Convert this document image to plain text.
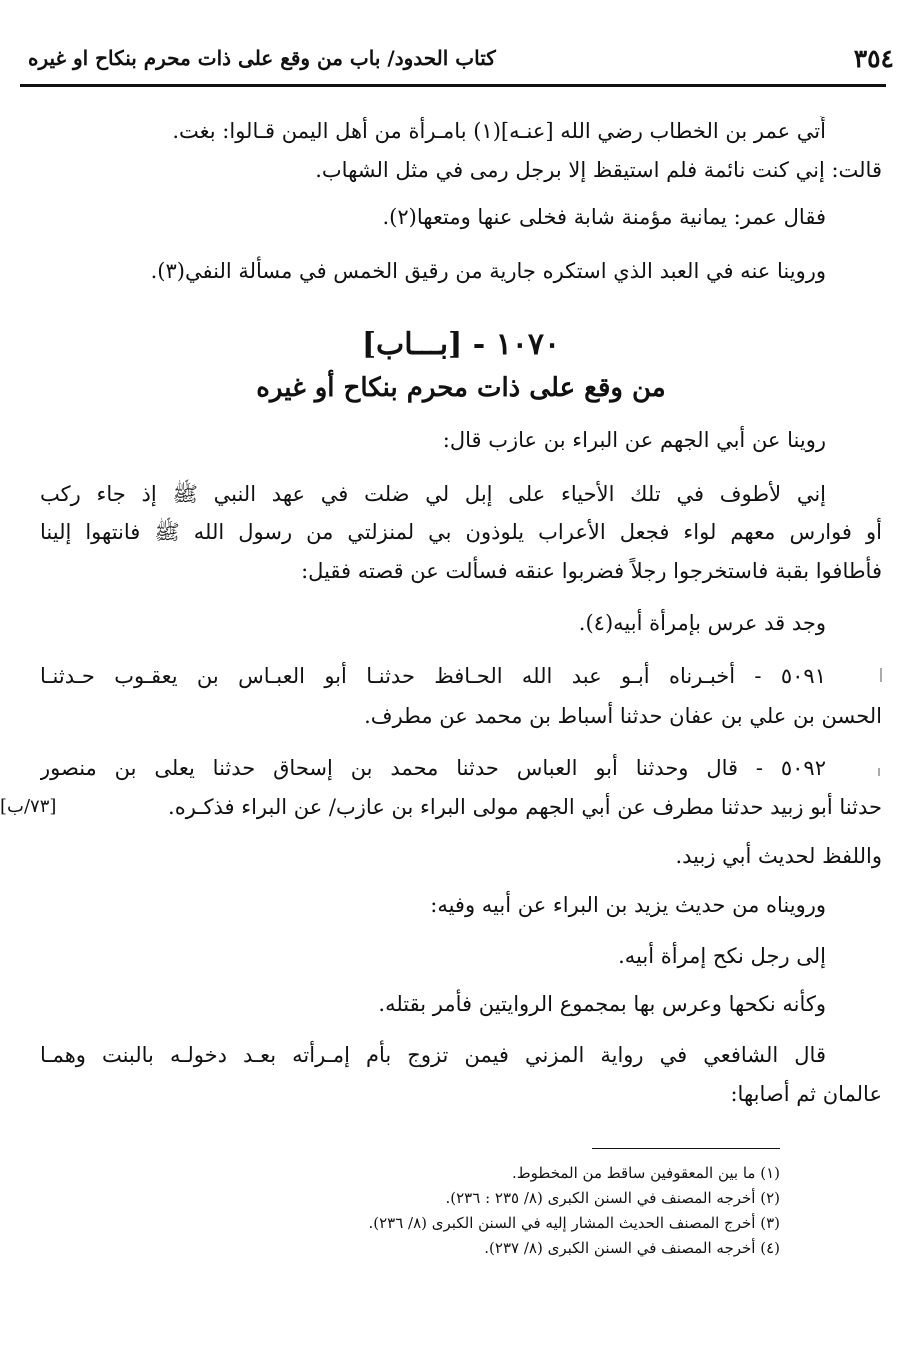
٣٥٤
كتاب الحدود/ باب من وقع على ذات محرم بنكاح او غيره
أُتي عمر بن الخطاب رضي الله [عنـه](١) بامـرأة من أهل اليمن قـالوا: بغت.
قالت: إني كنت نائمة فلم استيقظ إلا برجل رمى في مثل الشهاب.
فقال عمر: يمانية مؤمنة شابة فخلى عنها ومتعها(٢).
وروينا عنه في العبد الذي استكره جارية من رقيق الخمس في مسألة النفي(٣).
١٠٧٠ - [بـــاب]
من وقع على ذات محرم بنكاح أو غيره
روينا عن أبي الجهم عن البراء بن عازب قال:
إني لأطوف في تلك الأحياء على إبل لي ضلت في عهد النبي ﷺ إذ جاء ركب
أو فوارس معهم لواء فجعل الأعراب يلوذون بي لمنزلتي من رسول الله ﷺ فانتهوا إلينا
فأطافوا بقبة فاستخرجوا رجلاً فضربوا عنقه فسألت عن قصته فقيل:
وجد قد عرس بإمرأة أبيه(٤).
٥٠٩١ - أخبـرناه أبـو عبد الله الحـافظ حدثنـا أبو العبـاس بن يعقـوب حـدثنـا
الحسن بن علي بن عفان حدثنا أسباط بن محمد عن مطرف.
٥٠٩٢ - قال وحدثنا أبو العباس حدثنا محمد بن إسحاق حدثنا يعلى بن منصور
حدثنا أبو زبيد حدثنا مطرف عن أبي الجهم مولى البراء بن عازب/ عن البراء فذكـره.
[٧٣/ب]
واللفظ لحديث أبي زبيد.
ورويناه من حديث يزيد بن البراء عن أبيه وفيه:
إلى رجل نكح إمرأة أبيه.
وكأنه نكحها وعرس بها بمجموع الروايتين فأمر بقتله.
قال الشافعي في رواية المزني فيمن تزوج بأم إمـرأته بعـد دخولـه بالبنت وهمـا
عالمان ثم أصابها:
(١) ما بين المعقوفين ساقط من المخطوط.
(٢) أخرجه المصنف في السنن الكبرى (٨/ ٢٣٥ : ٢٣٦).
(٣) أخرج المصنف الحديث المشار إليه في السنن الكبرى (٨/ ٢٣٦).
(٤) أخرجه المصنف في السنن الكبرى (٨/ ٢٣٧).
